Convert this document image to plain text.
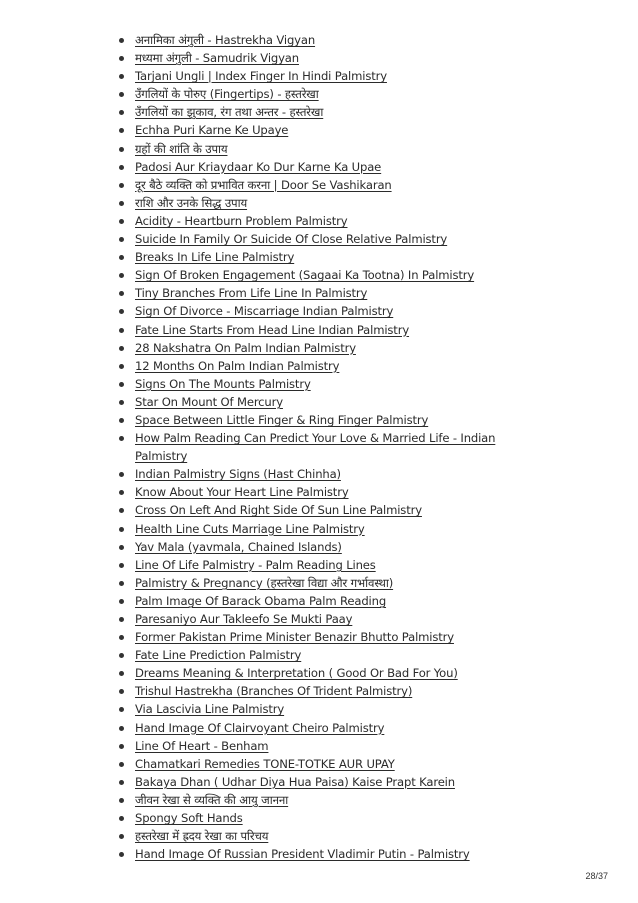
अनामिका अंगुली - Hastrekha Vigyan
मध्यमा अंगुली - Samudrik Vigyan
Tarjani Ungli | Index Finger In Hindi Palmistry
उँगलियों के पोरुए (Fingertips) - हस्तरेखा
उँगलियों का झुकाव, रंग तथा अन्तर - हस्तरेखा
Echha Puri Karne Ke Upaye
ग्रहों की शांति के उपाय
Padosi Aur Kriaydaar Ko Dur Karne Ka Upae
दूर बैठे व्यक्ति को प्रभावित करना | Door Se Vashikaran
राशि और उनके सिद्ध उपाय
Acidity - Heartburn Problem Palmistry
Suicide In Family Or Suicide Of Close Relative Palmistry
Breaks In Life Line Palmistry
Sign Of Broken Engagement (Sagaai Ka Tootna) In Palmistry
Tiny Branches From Life Line In Palmistry
Sign Of Divorce - Miscarriage Indian Palmistry
Fate Line Starts From Head Line Indian Palmistry
28 Nakshatra On Palm Indian Palmistry
12 Months On Palm Indian Palmistry
Signs On The Mounts Palmistry
Star On Mount Of Mercury
Space Between Little Finger & Ring Finger Palmistry
How Palm Reading Can Predict Your Love & Married Life - Indian Palmistry
Indian Palmistry Signs (Hast Chinha)
Know About Your Heart Line Palmistry
Cross On Left And Right Side Of Sun Line Palmistry
Health Line Cuts Marriage Line Palmistry
Yav Mala (yavmala, Chained Islands)
Line Of Life Palmistry - Palm Reading Lines
Palmistry & Pregnancy (हस्तरेखा विद्या और गर्भावस्था)
Palm Image Of Barack Obama Palm Reading
Paresaniyo Aur Takleefo Se Mukti Paay
Former Pakistan Prime Minister Benazir Bhutto Palmistry
Fate Line Prediction Palmistry
Dreams Meaning & Interpretation ( Good Or Bad For You)
Trishul Hastrekha (Branches Of Trident Palmistry)
Via Lascivia Line Palmistry
Hand Image Of Clairvoyant Cheiro Palmistry
Line Of Heart - Benham
Chamatkari Remedies TONE-TOTKE AUR UPAY
Bakaya Dhan ( Udhar Diya Hua Paisa) Kaise Prapt Karein
जीवन रेखा से व्यक्ति की आयु जानना
Spongy Soft Hands
हस्तरेखा में ह्रदय रेखा का परिचय
Hand Image Of Russian President Vladimir Putin - Palmistry
28/37
